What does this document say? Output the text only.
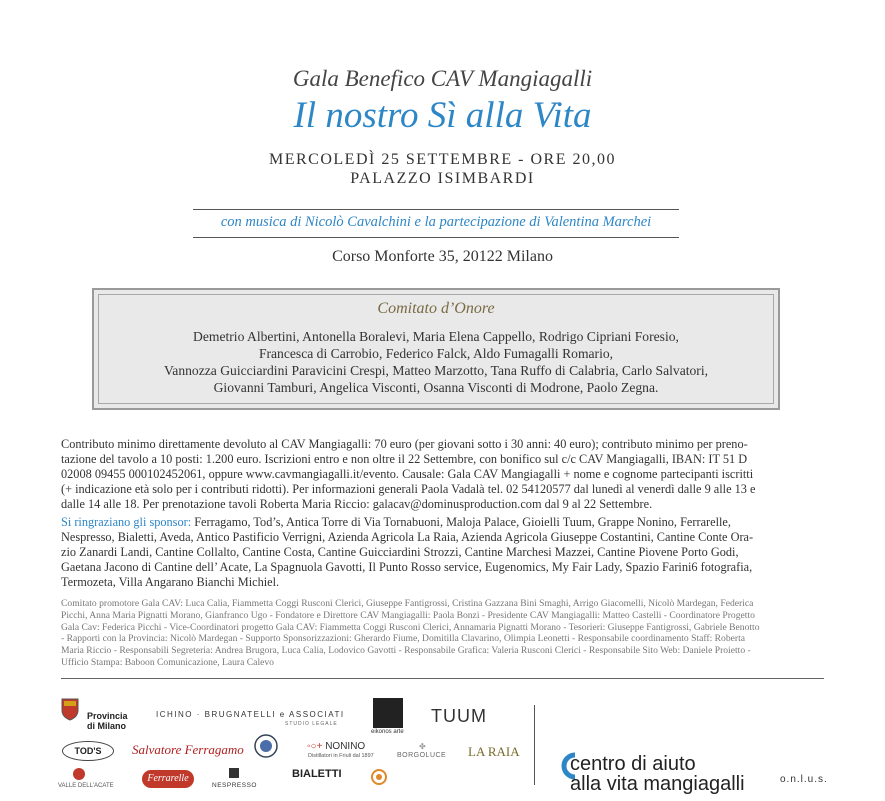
Gala Benefico CAV Mangiagalli
Il nostro Sì alla Vita
MERCOLEDÌ 25 SETTEMBRE - ORE 20,00
PALAZZO ISIMBARDI
con musica di Nicolò Cavalchini e la partecipazione di Valentina Marchei
Corso Monforte 35, 20122 Milano
Comitato d’Onore
Demetrio Albertini, Antonella Boralevi, Maria Elena Cappello, Rodrigo Cipriani Foresio,
Francesca di Carrobio, Federico Falck, Aldo Fumagalli Romario,
Vannozza Guicciardini Paravicini Crespi, Matteo Marzotto, Tana Ruffo di Calabria, Carlo Salvatori,
Giovanni Tamburi, Angelica Visconti, Osanna Visconti di Modrone, Paolo Zegna.
Contributo minimo direttamente devoluto al CAV Mangiagalli: 70 euro (per giovani sotto i 30 anni: 40 euro); contributo minimo per preno-
tazione del tavolo a 10 posti: 1.200 euro. Iscrizioni entro e non oltre il 22 Settembre, con bonifico sul c/c CAV Mangiagalli, IBAN: IT 51 D
02008 09455 000102452061, oppure www.cavmangiagalli.it/evento. Causale: Gala CAV Mangiagalli + nome e cognome partecipanti iscritti
(+ indicazione età solo per i contributi ridotti). Per informazioni generali Paola Vadalà tel. 02 54120577 dal lunedì al venerdì dalle 9 alle 13 e
dalle 14 alle 18. Per prenotazione tavoli Roberta Maria Riccio: galacav@dominusproduction.com dal 9 al 22 Settembre.
Si ringraziano gli sponsor: Ferragamo, Tod’s, Antica Torre di Via Tornabuoni, Maloja Palace, Gioielli Tuum, Grappe Nonino, Ferrarelle,
Nespresso, Bialetti, Aveda, Antico Pastificio Verrigni, Azienda Agricola La Raia, Azienda Agricola Giuseppe Costantini, Cantine Conte Ora-
zio Zanardi Landi, Cantine Collalto, Cantine Costa, Cantine Guicciardini Strozzi, Cantine Marchesi Mazzei, Cantine Piovene Porto Godi,
Gaetana Jacono di Cantine dell’ Acate, La Spagnuola Gavotti, Il Punto Rosso service, Eugenomics, My Fair Lady, Spazio Farini6 fotografia,
Termozeta, Villa Angarano Bianchi Michiel.
Comitato promotore Gala CAV: Luca Calia, Fiammetta Coggi Rusconi Clerici, Giuseppe Fantigrossi, Cristina Gazzana Bini Smaghi, Arrigo Giacomelli, Nicolò Mardegan, Federica
Picchi, Anna Maria Pignatti Morano, Gianfranco Ugo - Fondatore e Direttore CAV Mangiagalli: Paola Bonzi - Presidente CAV Mangiagalli: Matteo Castelli - Coordinatore Progetto
Gala Cav: Federica Picchi - Vice-Coordinatori progetto Gala CAV: Fiammetta Coggi Rusconi Clerici, Annamaria Pignatti Morano - Tesorieri: Giuseppe Fantigrossi, Gabriele Benotto
- Rapporti con la Provincia: Nicolò Mardegan - Supporto Sponsorizzazioni: Gherardo Fiume, Domitilla Clavarino, Olimpia Leonetti - Responsabile coordinamento Staff: Roberta
Maria Riccio - Responsabili Segreteria: Andrea Brugora, Luca Calia, Lodovico Gavotti - Responsabile Grafica: Valeria Rusconi Clerici - Responsabile Sito Web: Daniele Proietto -
Ufficio Stampa: Baboon Comunicazione, Laura Calevo
Provincia
di Milano
ICHINO · BRUGNATELLI e ASSOCIATI
STUDIO LEGALE
eikonos arte
TUUM
TOD'S	Salvatore Ferragamo	◦○+ NONINO
Distillatori in Friuli dal 1897
✤
BORGOLUCE LA RAIA
VALLE DELL'ACATE
Ferrarelle
NESPRESSO
BIALETTI	centro di aiuto
alla vita mangiagalli	o.n.l.u.s.
